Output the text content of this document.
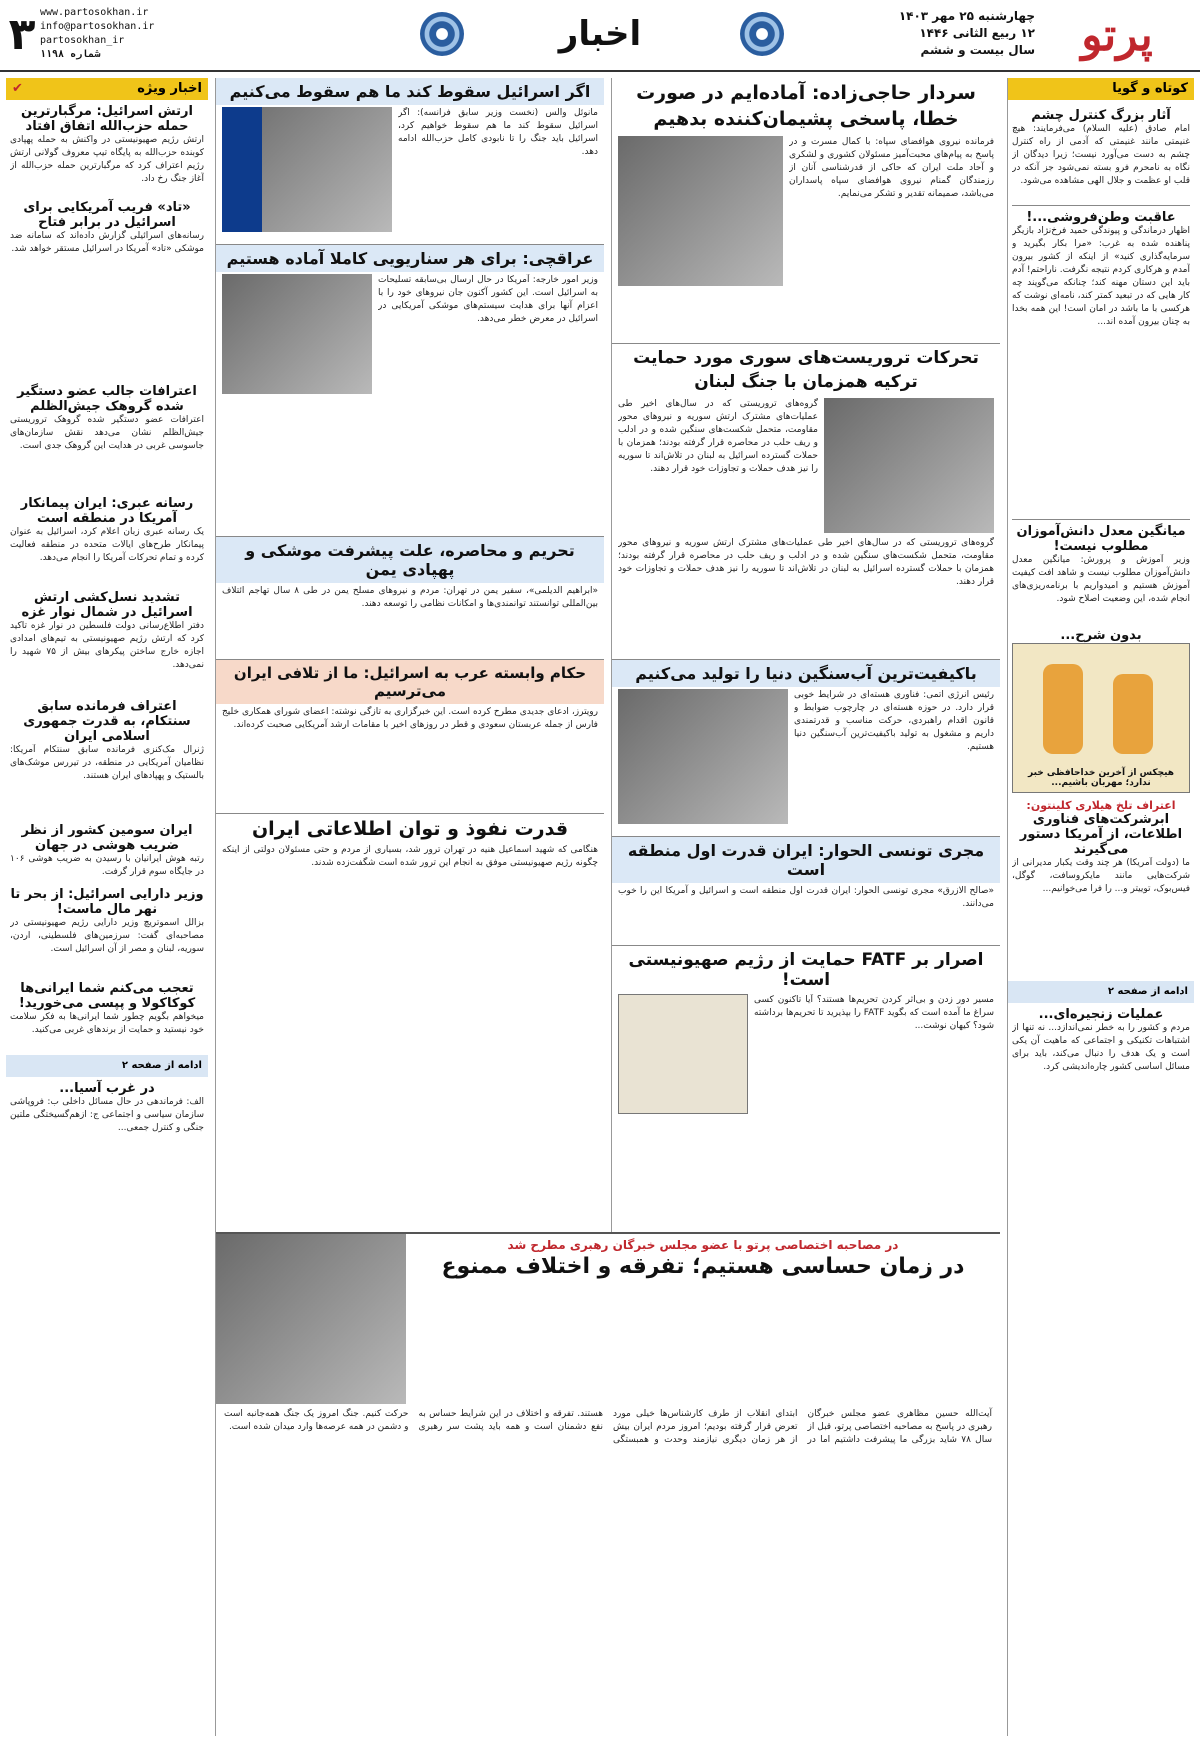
پرتو
چهارشنبه ۲۵ مهر ۱۴۰۳
۱۲ ربیع الثانی ۱۴۴۶
سال بیست و ششم
اخبار
www.partosokhan.ir
info@partosokhan.ir
partosokhan_ir
شماره ۱۱۹۸
۳
کوتاه و گویا
آثار بزرگ کنترل چشم
امام صادق (علیه السلام) می‌فرمایند: هیچ غنیمتی مانند غنیمتی که آدمی از راه کنترل چشم به دست می‌آورد نیست؛ زیرا دیدگان از نگاه به نامحرم فرو بسته نمی‌شود جز آنکه در قلب او عظمت و جلال الهی مشاهده می‌شود.
عاقبت وطن‌فروشی...!
اظهار درماندگی و پیوندگی حمید فرخ‌نژاد بازیگر پناهنده شده به غرب: «مرا بکار بگیرید و سرمایه‌گذاری کنید» از اینکه از کشور بیرون آمدم و هرکاری کردم نتیجه نگرفت. ناراحتم! آدم باید این دستان مهنه کند؛ چنانکه می‌گویند چه کار هایی که در تبعید کمتر کند، نامه‌ای نوشت که هرکسی با ما باشد در امان است! این همه بخدا به چنان بیرون آمده اند...
میانگین معدل دانش‌آموزان مطلوب نیست!
وزیر آموزش و پرورش: میانگین معدل دانش‌آموزان مطلوب نیست و شاهد افت کیفیت آموزش هستیم و امیدواریم با برنامه‌ریزی‌های انجام شده، این وضعیت اصلاح شود.
بدون شرح...
هیچکس از آخرین خداحافظی خبر ندارد؛ مهربان باشیم...
اعتراف تلخ هیلاری کلینتون:
ابرشرکت‌های فناوری اطلاعات، از آمریکا دستور می‌گیرند
ما (دولت آمریکا) هر چند وقت یکبار مدیرانی از شرکت‌هایی مانند مایکروسافت، گوگل، فیس‌بوک، توییتر و... را فرا می‌خوانیم...
ادامه از صفحه ۲
عملیات زنجیره‌ای...
مردم و کشور را به خطر نمی‌اندازد... نه تنها از اشتباهات تکنیکی و اجتماعی که ماهیت آن یکی است و یک هدف را دنبال می‌کند، باید برای مسائل اساسی کشور چاره‌اندیشی کرد.
سردار حاجی‌زاده: آماده‌ایم در صورت خطا، پاسخی پشیمان‌کننده بدهیم
فرمانده نیروی هوافضای سپاه: با کمال مسرت و در پاسخ به پیام‌های محبت‌آمیز مسئولان کشوری و لشکری و آحاد ملت ایران که حاکی از قدرشناسی آنان از رزمندگان گمنام نیروی هوافضای سپاه پاسداران می‌باشد، صمیمانه تقدیر و تشکر می‌نمایم.
تحرکات تروریست‌های سوری مورد حمایت ترکیه همزمان با جنگ لبنان
گروه‌های تروریستی که در سال‌های اخیر طی عملیات‌های مشترک ارتش سوریه و نیروهای محور مقاومت، متحمل شکست‌های سنگین شده و در ادلب و ریف حلب در محاصره قرار گرفته بودند؛ همزمان با حملات گسترده اسرائیل به لبنان در تلاش‌اند تا سوریه را نیز هدف حملات و تجاوزات خود قرار دهند.
گروه‌های تروریستی که در سال‌های اخیر طی عملیات‌های مشترک ارتش سوریه و نیروهای محور مقاومت، متحمل شکست‌های سنگین شده و در ادلب و ریف حلب در محاصره قرار گرفته بودند؛ همزمان با حملات گسترده اسرائیل به لبنان در تلاش‌اند تا سوریه را نیز هدف حملات و تجاوزات خود قرار دهند.
باکیفیت‌ترین آب‌سنگین دنیا را تولید می‌کنیم
رئیس انرژی اتمی: فناوری هسته‌ای در شرایط خوبی قرار دارد. در حوزه هسته‌ای در چارچوب ضوابط و قانون اقدام راهبردی، حرکت مناسب و قدرتمندی داریم و مشغول به تولید باکیفیت‌ترین آب‌سنگین دنیا هستیم.
مجری تونسی الحوار: ایران قدرت اول منطقه است
«صالح الازرق» مجری تونسی الحوار: ایران قدرت اول منطقه است و اسرائیل و آمریکا این را خوب می‌دانند.
اصرار بر FATF حمایت از رژیم صهیونیستی است!
مسیر دور زدن و بی‌اثر کردن تحریم‌ها هستند؟ آیا تاکنون کسی سراغ ما آمده است که بگوید FATF را بپذیرید تا تحریم‌ها برداشته شود؟ کیهان نوشت...
اگر اسرائیل سقوط کند ما هم سقوط می‌کنیم
مانوئل والس (نخست وزیر سابق فرانسه): اگر اسرائیل سقوط کند ما هم سقوط خواهیم کرد، اسرائیل باید جنگ را تا نابودی کامل حزب‌الله ادامه دهد.
عراقچی: برای هر سناریویی کاملا آماده هستیم
وزیر امور خارجه: آمریکا در حال ارسال بی‌سابقه تسلیحات به اسرائیل است. این کشور آکنون جان نیروهای خود را با اعزام آنها برای هدایت سیستم‌های موشکی آمریکایی در اسرائیل در معرض خطر می‌دهد.
تحریم و محاصره، علت پیشرفت موشکی و پهپادی یمن
«ابراهیم الدیلمی»، سفیر یمن در تهران: مردم و نیروهای مسلح یمن در طی ۸ سال تهاجم ائتلاف بین‌المللی توانستند توانمندی‌ها و امکانات نظامی را توسعه دهند.
حکام وابسته عرب به اسرائیل: ما از تلافی ایران می‌ترسیم
رویترز، ادعای جدیدی مطرح کرده است. این خبرگزاری به تازگی نوشته: اعضای شورای همکاری خلیج فارس از جمله عربستان سعودی و قطر در روزهای اخیر با مقامات ارشد آمریکایی صحبت کرده‌اند.
قدرت نفوذ و توان اطلاعاتی ایران
هنگامی که شهید اسماعیل هنیه در تهران ترور شد، بسیاری از مردم و حتی مسئولان دولتی از اینکه چگونه رژیم صهیونیستی موفق به انجام این ترور شده است شگفت‌زده شدند.
اخبار ویژه
✔
ارتش اسرائیل: مرگبارترین حمله حزب‌الله اتفاق افتاد
ارتش رژیم صهیونیستی در واکنش به حمله پهپادی کوبنده حزب‌الله به پایگاه تیپ معروف گولانی ارتش رژیم اعتراف کرد که مرگبارترین حمله حزب‌الله از آغاز جنگ رخ داد.
«تاد» فریب آمریکایی برای اسرائیل در برابر فتاح
رسانه‌های اسرائیلی گزارش داده‌اند که سامانه ضد موشکی «تاد» آمریکا در اسرائیل مستقر خواهد شد.
اعترافات جالب عضو دستگیر شده گروهک جیش‌الظلم
اعترافات عضو دستگیر شده گروهک تروریستی جیش‌الظلم نشان می‌دهد نقش سازمان‌های جاسوسی غربی در هدایت این گروهک جدی است.
رسانه عبری: ایران پیمانکار آمریکا در منطقه است
یک رسانه عبری زبان اعلام کرد، اسرائیل به عنوان پیمانکار طرح‌های ایالات متحده در منطقه فعالیت کرده و تمام تحرکات آمریکا را انجام می‌دهد.
تشدید نسل‌کشی ارتش اسرائیل در شمال نوار غزه
دفتر اطلاع‌رسانی دولت فلسطین در نوار غزه تاکید کرد که ارتش رژیم صهیونیستی به تیم‌های امدادی اجازه خارج ساختن پیکرهای بیش از ۷۵ شهید را نمی‌دهد.
اعتراف فرمانده سابق سنتکام، به قدرت جمهوری اسلامی ایران
ژنرال مک‌کنزی فرمانده سابق سنتکام آمریکا: نظامیان آمریکایی در منطقه، در تیررس موشک‌های بالستیک و پهپادهای ایران هستند.
ایران سومین کشور از نظر ضریب هوشی در جهان
رتبه هوش ایرانیان با رسیدن به ضریب هوشی ۱۰۶ در جایگاه سوم قرار گرفت.
وزیر دارایی اسرائیل: از بحر تا نهر مال ماست!
بزالل اسموتریچ وزیر دارایی رژیم صهیونیستی در مصاحبه‌ای گفت: سرزمین‌های فلسطینی، اردن، سوریه، لبنان و مصر از آن اسرائیل است.
تعجب می‌کنم شما ایرانی‌ها کوکاکولا و پپسی می‌خورید!
میخواهم بگویم چطور شما ایرانی‌ها به فکر سلامت خود نیستید و حمایت از برندهای غربی می‌کنید.
ادامه از صفحه ۲
در غرب آسیا...
الف: فرماندهی در حال مسائل داخلی ب: فروپاشی سازمان سیاسی و اجتماعی ج: ازهم‌گسیختگی ملتین جنگی و کنترل جمعی...
در مصاحبه اختصاصی پرتو با عضو مجلس خبرگان رهبری مطرح شد
در زمان حساسی هستیم؛ تفرقه و اختلاف ممنوع
آیت‌الله حسین مظاهری عضو مجلس خبرگان رهبری در پاسخ به مصاحبه اختصاصی پرتو، قبل از سال ۷۸ شاید بزرگی ما پیشرفت داشتیم اما در ابتدای انقلاب از طرف کارشناس‌ها خیلی مورد تعرض قرار گرفته بودیم؛ امروز مردم ایران بیش از هر زمان دیگری نیازمند وحدت و همبستگی هستند. تفرقه و اختلاف در این شرایط حساس به نفع دشمنان است و همه باید پشت سر رهبری حرکت کنیم. جنگ امروز یک جنگ همه‌جانبه است و دشمن در همه عرصه‌ها وارد میدان شده است.
